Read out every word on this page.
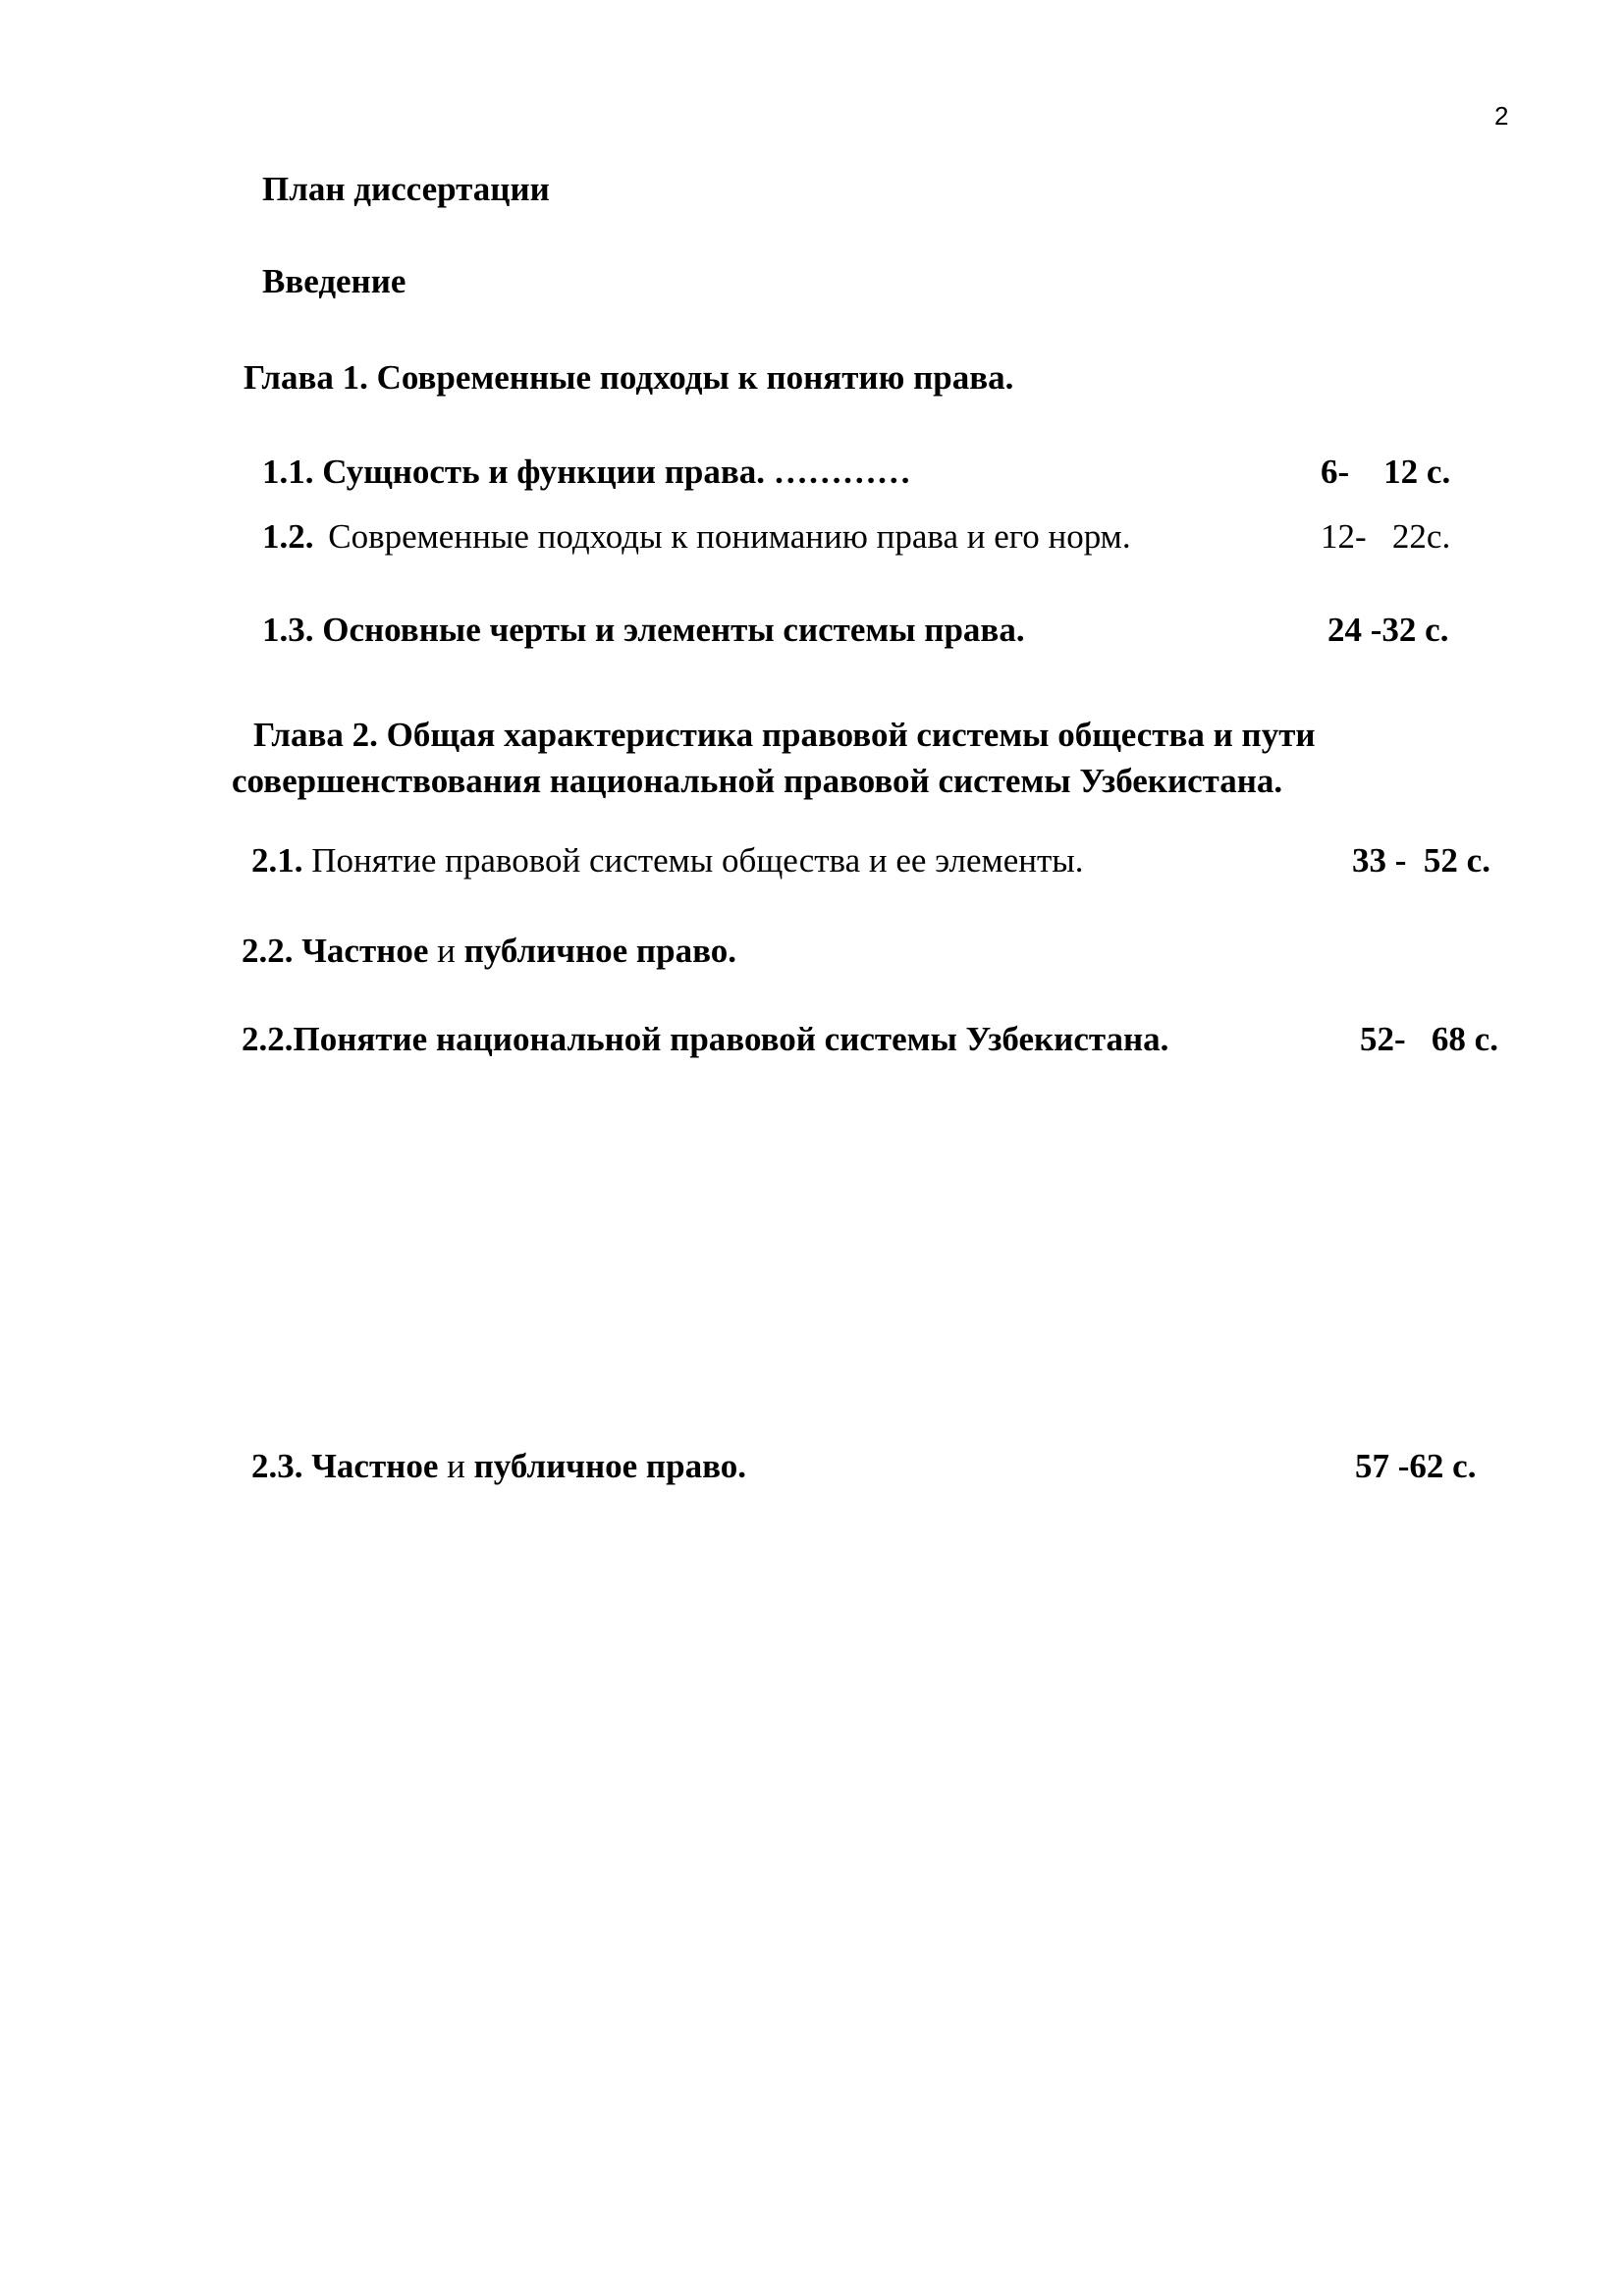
2
План диссертации
Введение
Глава 1. Современные подходы к понятию права.
1.1. Сущность и функции права. …………	6-    12 с.
1.2. Современные подходы к пониманию права и его норм.	12-   22с.
1.3. Основные черты и элементы системы права.	24 -32 с.
Глава 2. Общая характеристика правовой системы общества и пути
совершенствования национальной правовой системы Узбекистана.
2.1. Понятие правовой системы общества и ее элементы.	33 -  52 с.
2.2. Частное и публичное право.
2.2.Понятие национальной правовой системы Узбекистана.	52-   68 с.
2.3. Частное и публичное право.	57 -62 с.
